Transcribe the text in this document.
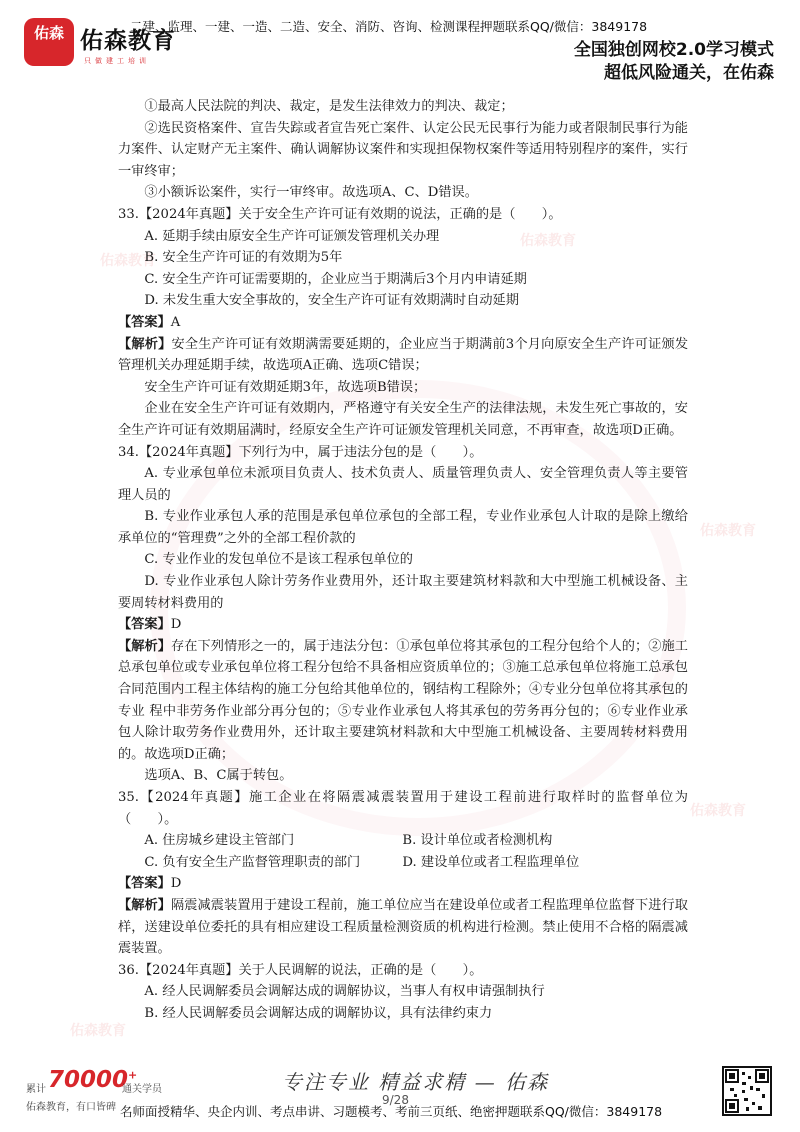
佑森 佑森教育
只做建工培训
二建、监理、一建、一造、二造、安全、消防、咨询、检测课程押题联系QQ/微信：3849178
全国独创网校2.0学习模式
超低风险通关，在佑森
佑森教育
佑森教育
佑森教育
佑森教育
佑森教育

①最高人民法院的判决、裁定，是发生法律效力的判决、裁定；

②选民资格案件、宣告失踪或者宣告死亡案件、认定公民无民事行为能力或者限制民事行为能力案件、认定财产无主案件、确认调解协议案件和实现担保物权案件等适用特别程序的案件，实行一审终审；

③小额诉讼案件，实行一审终审。故选项A、C、D错误。

33.【2024年真题】关于安全生产许可证有效期的说法，正确的是（　　）。

A. 延期手续由原安全生产许可证颁发管理机关办理

B. 安全生产许可证的有效期为5年

C. 安全生产许可证需要期的，企业应当于期满后3个月内申请延期

D. 未发生重大安全事故的，安全生产许可证有效期满时自动延期

【答案】A

【解析】安全生产许可证有效期满需要延期的，企业应当于期满前3个月向原安全生产许可证颁发管理机关办理延期手续，故选项A正确、选项C错误；

安全生产许可证有效期延期3年，故选项B错误；

企业在安全生产许可证有效期内，严格遵守有关安全生产的法律法规，未发生死亡事故的，安全生产许可证有效期届满时，经原安全生产许可证颁发管理机关同意，不再审查，故选项D正确。

34.【2024年真题】下列行为中，属于违法分包的是（　　）。

A. 专业承包单位未派项目负责人、技术负责人、质量管理负责人、安全管理负责人等主要管理人员的

B. 专业作业承包人承的范围是承包单位承包的全部工程，专业作业承包人计取的是除上缴给承单位的“管理费”之外的全部工程价款的

C. 专业作业的发包单位不是该工程承包单位的

D. 专业作业承包人除计劳务作业费用外，还计取主要建筑材料款和大中型施工机械设备、主要周转材料费用的

【答案】D

【解析】存在下列情形之一的，属于违法分包：①承包单位将其承包的工程分包给个人的；②施工总承包单位或专业承包单位将工程分包给不具备相应资质单位的；③施工总承包单位将施工总承包合同范围内工程主体结构的施工分包给其他单位的，钢结构工程除外；④专业分包单位将其承包的专业 程中非劳务作业部分再分包的；⑤专业作业承包人将其承包的劳务再分包的；⑥专业作业承包人除计取劳务作业费用外，还计取主要建筑材料款和大中型施工机械设备、主要周转材料费用的。故选项D正确；

选项A、B、C属于转包。

35.【2024年真题】施工企业在将隔震减震装置用于建设工程前进行取样时的监督单位为（　　）。

A. 住房城乡建设主管部门	B. 设计单位或者检测机构
C. 负有安全生产监督管理职责的部门	D. 建设单位或者工程监理单位

【答案】D

【解析】隔震减震装置用于建设工程前，施工单位应当在建设单位或者工程监理单位监督下进行取样，送建设单位委托的具有相应建设工程质量检测资质的机构进行检测。禁止使用不合格的隔震减震装置。

36.【2024年真题】关于人民调解的说法，正确的是（　　）。

A. 经人民调解委员会调解达成的调解协议，当事人有权申请强制执行

B. 经人民调解委员会调解达成的调解协议，具有法律约束力

专注专业 精益求精 — 佑森
9/28
累计 70000+
通关学员
佑森教育，有口皆碑 名师面授精华、央企内训、考点串讲、习题模考、考前三页纸、绝密押题联系QQ/微信：3849178
